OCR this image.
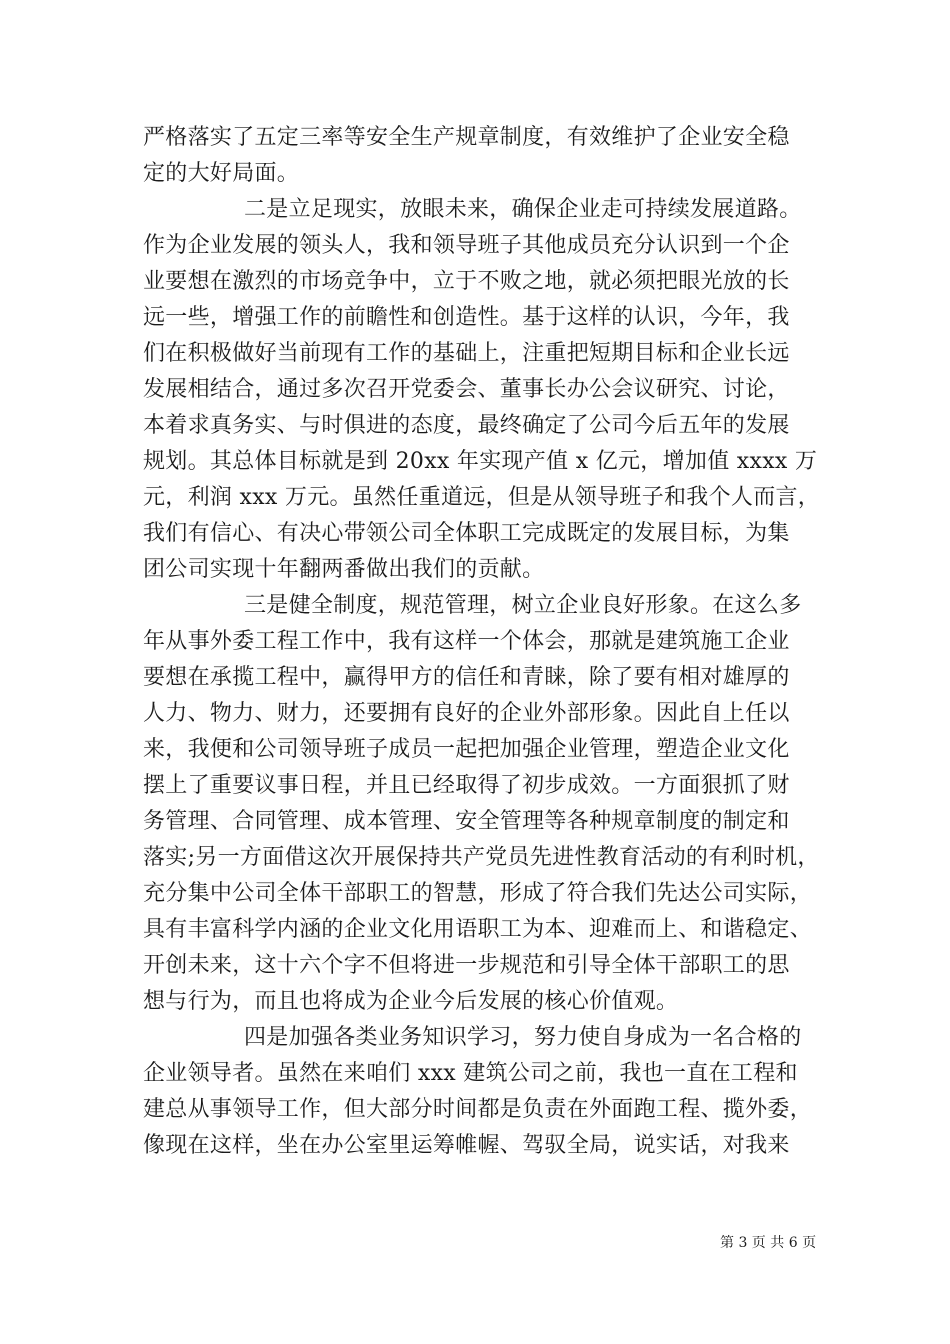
严格落实了五定三率等安全生产规章制度，有效维护了企业安全稳
定的大好局面。
二是立足现实，放眼未来，确保企业走可持续发展道路。
作为企业发展的领头人，我和领导班子其他成员充分认识到一个企
业要想在激烈的市场竞争中，立于不败之地，就必须把眼光放的长
远一些，增强工作的前瞻性和创造性。基于这样的认识，今年，我
们在积极做好当前现有工作的基础上，注重把短期目标和企业长远
发展相结合，通过多次召开党委会、董事长办公会议研究、讨论，
本着求真务实、与时俱进的态度，最终确定了公司今后五年的发展
规划。其总体目标就是到 20xx 年实现产值 x 亿元，增加值 xxxx 万
元，利润 xxx 万元。虽然任重道远，但是从领导班子和我个人而言，
我们有信心、有决心带领公司全体职工完成既定的发展目标，为集
团公司实现十年翻两番做出我们的贡献。
三是健全制度，规范管理，树立企业良好形象。在这么多
年从事外委工程工作中，我有这样一个体会，那就是建筑施工企业
要想在承揽工程中，赢得甲方的信任和青睐，除了要有相对雄厚的
人力、物力、财力，还要拥有良好的企业外部形象。因此自上任以
来，我便和公司领导班子成员一起把加强企业管理，塑造企业文化
摆上了重要议事日程，并且已经取得了初步成效。一方面狠抓了财
务管理、合同管理、成本管理、安全管理等各种规章制度的制定和
落实;另一方面借这次开展保持共产党员先进性教育活动的有利时机，
充分集中公司全体干部职工的智慧，形成了符合我们先达公司实际，
具有丰富科学内涵的企业文化用语职工为本、迎难而上、和谐稳定、
开创未来，这十六个字不但将进一步规范和引导全体干部职工的思
想与行为，而且也将成为企业今后发展的核心价值观。
四是加强各类业务知识学习，努力使自身成为一名合格的
企业领导者。虽然在来咱们 xxx 建筑公司之前，我也一直在工程和
建总从事领导工作，但大部分时间都是负责在外面跑工程、揽外委，
像现在这样，坐在办公室里运筹帷幄、驾驭全局，说实话，对我来
第 3 页 共 6 页
